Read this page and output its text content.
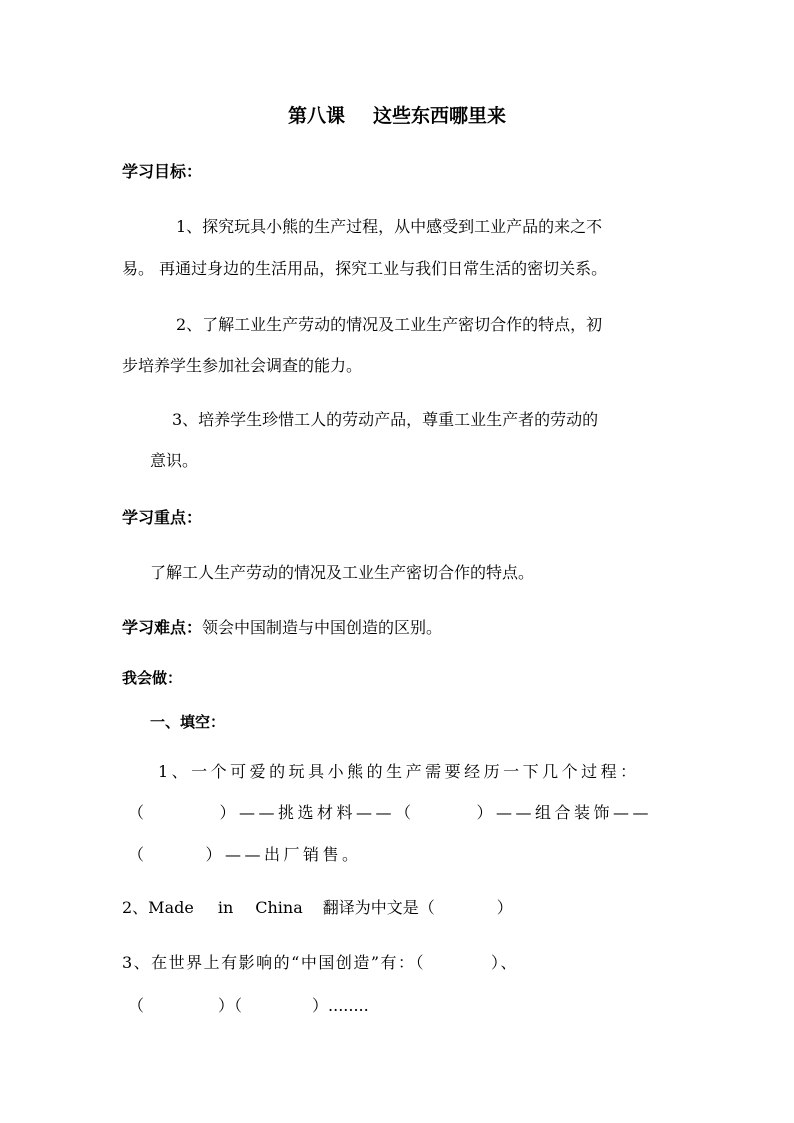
第八课 这些东西哪里来
学习目标：
1、探究玩具小熊的生产过程，从中感受到工业产品的来之不
易。 再通过身边的生活用品，探究工业与我们日常生活的密切关系。
2、了解工业生产劳动的情况及工业生产密切合作的特点，初
步培养学生参加社会调查的能力。
3、培养学生珍惜工人的劳动产品，尊重工业生产者的劳动的
意识。
学习重点：
了解工人生产劳动的情况及工业生产密切合作的特点。
学习难点：领会中国制造与中国创造的区别。
我会做：
一、填空：
1、一个可爱的玩具小熊的生产需要经历一下几个过程：
（	）——挑选材料——（	）——组合装饰——
（	）——出厂销售。
2、Made in China 翻译为中文是（	）
3、在世界上有影响的“中国创造”有：（	）、
（	）（	）........
